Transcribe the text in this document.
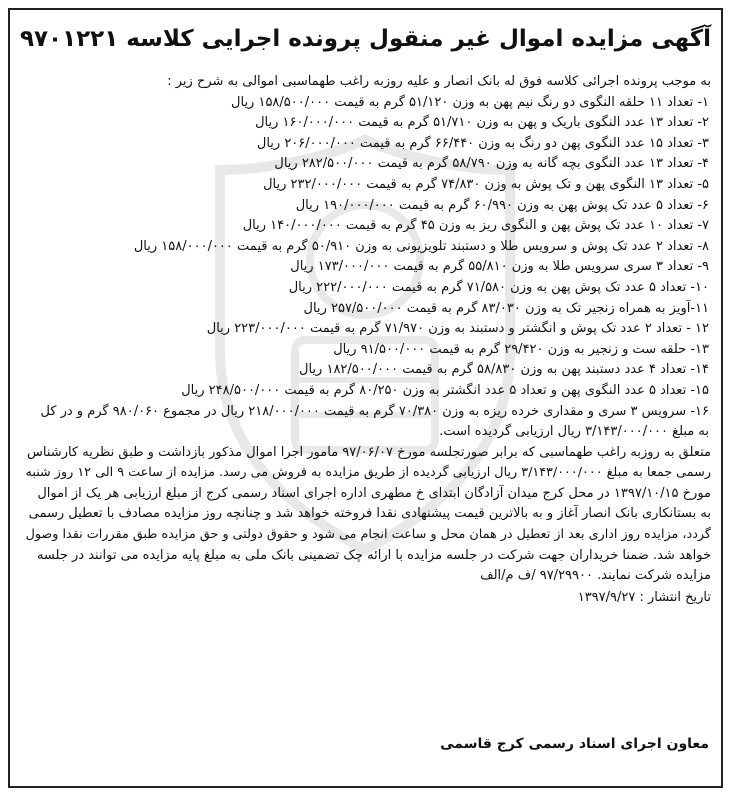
آگهی مزایده اموال غیر منقول پرونده اجرایی کلاسه ۹۷۰۱۲۲۱
به موجب پرونده اجرائی کلاسه فوق له بانک انصار و علیه روزبه راغب طهماسبی اموالی به شرح زیر :
۱- تعداد ۱۱ حلقه النگوی دو رنگ نیم پهن به وزن ۵۱/۱۲۰ گرم به قیمت ۱۵۸/۵۰۰/۰۰۰ ریال
۲- تعداد ۱۳ عدد النگوی باریک و پهن به وزن ۵۱/۷۱۰ گرم به قیمت ۱۶۰/۰۰۰/۰۰۰ ریال
۳- تعداد ۱۵ عدد النگوی پهن دو رنگ به وزن ۶۶/۴۴۰ گرم به قیمت ۲۰۶/۰۰۰/۰۰۰ ریال
۴- تعداد ۱۳ عدد النگوی بچه گانه به وزن ۵۸/۷۹۰ گرم به قیمت ۲۸۲/۵۰۰/۰۰۰ ریال
۵- تعداد ۱۳ النگوی پهن و تک پوش به وزن ۷۴/۸۳۰ گرم به قیمت ۲۳۲/۰۰۰/۰۰۰ ریال
۶- تعداد ۵ عدد تک پوش پهن به وزن ۶۰/۹۹۰ گرم به قیمت ۱۹۰/۰۰۰/۰۰۰ ریال
۷- تعداد ۱۰ عدد تک پوش پهن و النگوی ریز به وزن ۴۵ گرم به قیمت ۱۴۰/۰۰۰/۰۰۰ ریال
۸- تعداد ۲ عدد تک پوش و سرویس طلا و دستبند تلویزیونی به وزن ۵۰/۹۱۰ گرم به قیمت ۱۵۸/۰۰۰/۰۰۰ ریال
۹- تعداد ۳ سری سرویس طلا به وزن ۵۵/۸۱۰ گرم به قیمت ۱۷۳/۰۰۰/۰۰۰ ریال
۱۰- تعداد ۵ عدد تک پوش پهن به وزن ۷۱/۵۸۰ گرم به قیمت ۲۲۲/۰۰۰/۰۰۰ ریال
۱۱-آویز به همراه زنجیر تک به وزن ۸۳/۰۳۰ گرم به قیمت ۲۵۷/۵۰۰/۰۰۰ ریال
۱۲ - تعداد ۲ عدد تک پوش و انگشتر و دستبند به وزن ۷۱/۹۷۰ گرم به قیمت ۲۲۳/۰۰۰/۰۰۰ ریال
۱۳- حلقه ست و زنجیر به وزن ۲۹/۴۲۰ گرم به قیمت ۹۱/۵۰۰/۰۰۰ ریال
۱۴- تعداد ۴ عدد دستبند پهن به وزن ۵۸/۸۳۰ گرم به قیمت ۱۸۲/۵۰۰/۰۰۰ ریال
۱۵- تعداد ۵ عدد النگوی پهن و تعداد ۵ عدد انگشتر به وزن ۸۰/۲۵۰ گرم به قیمت ۲۴۸/۵۰۰/۰۰۰ ریال
۱۶- سرویس ۳ سری و مقداری خرده ریزه به وزن ۷۰/۳۸۰ گرم به قیمت ۲۱۸/۰۰۰/۰۰۰ ریال در مجموع ۹۸۰/۰۶۰ گرم و در کل
به مبلغ ۳/۱۴۳/۰۰۰/۰۰۰ ریال ارزیابی گردیده است.
متعلق به روزبه راغب طهماسبی که برابر صورتجلسه مورخ ۹۷/۰۶/۰۷ مامور اجرا اموال مذکور بازداشت و طبق نظریه کارشناس
رسمی جمعا به مبلغ ۳/۱۴۳/۰۰۰/۰۰۰ ریال ارزیابی گردیده از طریق مزایده به فروش می رسد. مزایده از ساعت ۹ الی ۱۲ روز شنبه
مورخ ۱۳۹۷/۱۰/۱۵ در محل کرج میدان آزادگان ابتدای خ مطهری اداره اجرای اسناد رسمی کرج از مبلغ ارزیابی هر یک از اموال
به بستانکاری بانک انصار آغاز و به بالاترین قیمت پیشنهادی نقدا فروخته خواهد شد و چنانچه روز مزایده مصادف با تعطیل رسمی
گردد، مزایده روز اداری بعد از تعطیل در همان محل و ساعت انجام می شود و حقوق دولتی و حق مزایده طبق مقررات نقدا وصول
خواهد شد. ضمنا خریداران جهت شرکت در جلسه مزایده با ارائه چک تضمینی بانک ملی به مبلغ پایه مزایده می توانند در جلسه
مزایده شرکت نمایند. ۹۷/۲۹۹۰۰ /ف م/الف
تاریخ انتشار : ۱۳۹۷/۹/۲۷
معاون اجرای اسناد رسمی کرج قاسمی
